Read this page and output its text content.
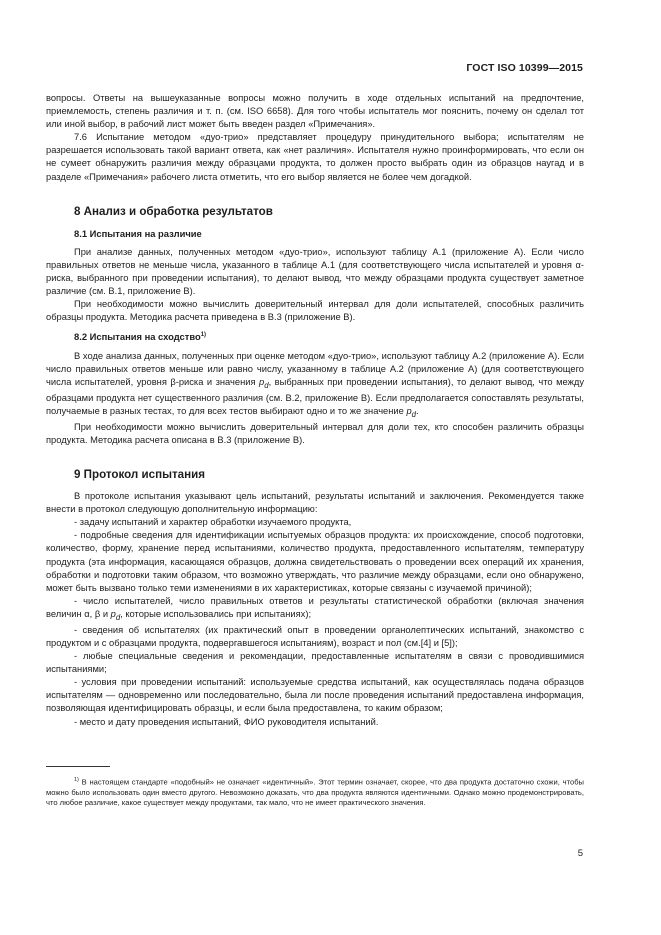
ГОСТ ISO 10399—2015

вопросы. Ответы на вышеуказанные вопросы можно получить в ходе отдельных испытаний на предпочтение, приемлемость, степень различия и т. п. (см. ISO 6658). Для того чтобы испытатель мог пояснить, почему он сделал тот или иной выбор, в рабочий лист может быть введен раздел «Примечания».

7.6 Испытание методом «дуо-трио» представляет процедуру принудительного выбора; испытателям не разрешается использовать такой вариант ответа, как «нет различия». Испытателя нужно проинформировать, что если он не сумеет обнаружить различия между образцами продукта, то должен просто выбрать один из образцов наугад и в разделе «Примечания» рабочего листа отметить, что его выбор является не более чем догадкой.

8 Анализ и обработка результатов
8.1 Испытания на различие

При анализе данных, полученных методом «дуо-трио», используют таблицу А.1 (приложение А). Если число правильных ответов не меньше числа, указанного в таблице А.1 (для соответствующего числа испытателей и уровня α-риска, выбранного при проведении испытания), то делают вывод, что между образцами продукта существует заметное различие (см. В.1, приложение В).

При необходимости можно вычислить доверительный интервал для доли испытателей, способных различить образцы продукта. Методика расчета приведена в В.3 (приложение В).

8.2 Испытания на сходство$^{1)}$

В ходе анализа данных, полученных при оценке методом «дуо-трио», используют таблицу А.2 (приложение А). Если число правильных ответов меньше или равно числу, указанному в таблице А.2 (приложение А) (для соответствующего числа испытателей, уровня β-риска и значения $p_d$, выбранных при проведении испытания), то делают вывод, что между образцами продукта нет существенного различия (см. В.2, приложение В). Если предполагается сопоставлять результаты, получаемые в разных тестах, то для всех тестов выбирают одно и то же значение $p_d$.

При необходимости можно вычислить доверительный интервал для доли тех, кто способен различить образцы продукта. Методика расчета описана в В.3 (приложение В).

9 Протокол испытания

В протоколе испытания указывают цель испытаний, результаты испытаний и заключения. Рекомендуется также внести в протокол следующую дополнительную информацию:

- задачу испытаний и характер обработки изучаемого продукта,

- подробные сведения для идентификации испытуемых образцов продукта: их происхождение, способ подготовки, количество, форму, хранение перед испытаниями, количество продукта, предоставленного испытателям, температуру продукта (эта информация, касающаяся образцов, должна свидетельствовать о проведении всех операций их хранения, обработки и подготовки таким образом, что возможно утверждать, что различие между образцами, если оно обнаружено, может быть вызвано только теми изменениями в их характеристиках, которые связаны с изучаемой причиной);

- число испытателей, число правильных ответов и результаты статистической обработки (включая значения величин α, β и $p_d$, которые использовались при испытаниях);

- сведения об испытателях (их практический опыт в проведении органолептических испытаний, знакомство с продуктом и с образцами продукта, подвергавшегося испытаниям), возраст и пол (см.[4] и [5]);

- любые специальные сведения и рекомендации, предоставленные испытателям в связи с проводившимися испытаниями;

- условия при проведении испытаний: используемые средства испытаний, как осуществлялась подача образцов испытателям — одновременно или последовательно, была ли после проведения испытаний предоставлена информация, позволяющая идентифицировать образцы, и если была предоставлена, то каким образом;

- место и дату проведения испытаний, ФИО руководителя испытаний.

$^{1)}$ В настоящем стандарте «подобный» не означает «идентичный». Этот термин означает, скорее, что два продукта достаточно схожи, чтобы можно было использовать один вместо другого. Невозможно доказать, что два продукта являются идентичными. Однако можно продемонстрировать, что любое различие, какое существует между продуктами, так мало, что не имеет практического значения.

5
